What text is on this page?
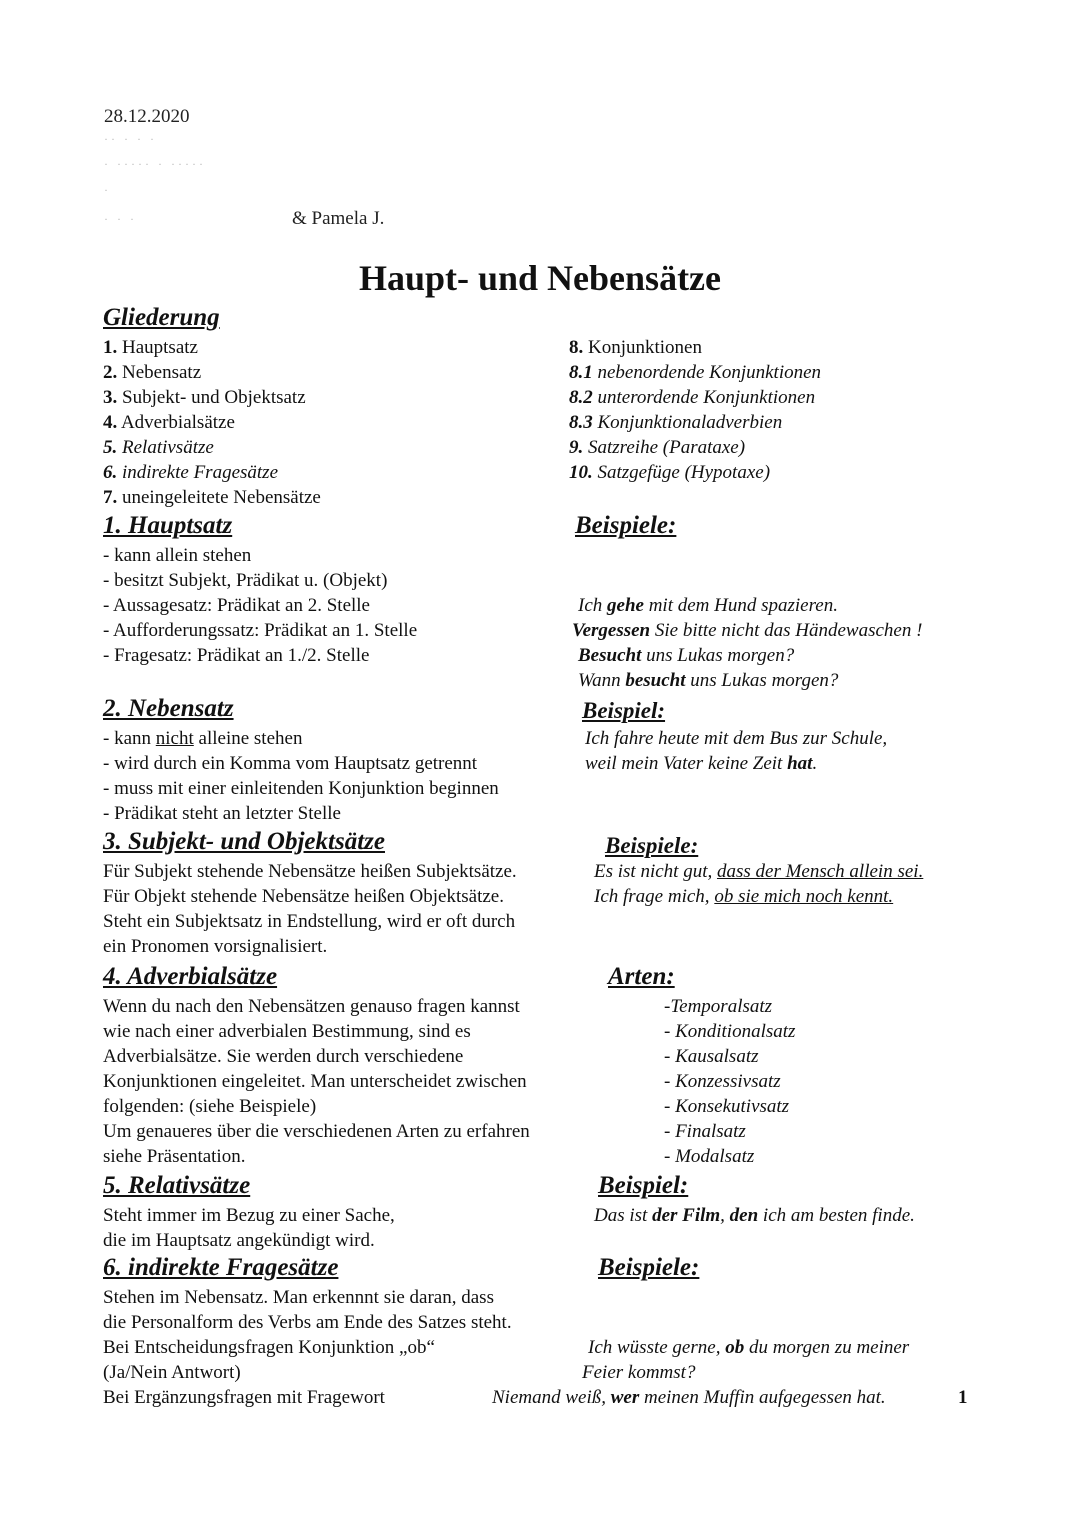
28.12.2020
·· · · ·
· ····· · ·····
·
· · ·	& Pamela J.
Haupt- und Nebensätze
Gliederung
1. Hauptsatz
2. Nebensatz
3. Subjekt- und Objektsatz
4. Adverbialsätze
5. Relativsätze
6. indirekte Fragesätze
7. uneingeleitete Nebensätze
8. Konjunktionen
8.1 nebenordende Konjunktionen
8.2 unterordende Konjunktionen
8.3 Konjunktionaladverbien
9. Satzreihe (Parataxe)
10. Satzgefüge (Hypotaxe)
1. Hauptsatz	Beispiele:
- kann allein stehen
- besitzt Subjekt, Prädikat u. (Objekt)
- Aussagesatz: Prädikat an 2. Stelle
- Aufforderungssatz: Prädikat an 1. Stelle
- Fragesatz: Prädikat an 1./2. Stelle
Ich gehe mit dem Hund spazieren.
Vergessen Sie bitte nicht das Händewaschen !
Besucht uns Lukas morgen?
Wann besucht uns Lukas morgen?
2. Nebensatz	Beispiel:
- kann nicht alleine stehen
- wird durch ein Komma vom Hauptsatz getrennt
- muss mit einer einleitenden Konjunktion beginnen
- Prädikat steht an letzter Stelle
Ich fahre heute mit dem Bus zur Schule,
weil mein Vater keine Zeit hat.
3. Subjekt- und Objektsätze	Beispiele:
Für Subjekt stehende Nebensätze heißen Subjektsätze.
Für Objekt stehende Nebensätze heißen Objektsätze.
Steht ein Subjektsatz in Endstellung, wird er oft durch
ein Pronomen vorsignalisiert.
Es ist nicht gut, dass der Mensch allein sei.
Ich frage mich, ob sie mich noch kennt.
4. Adverbialsätze	Arten:
Wenn du nach den Nebensätzen genauso fragen kannst
wie nach einer adverbialen Bestimmung, sind es
Adverbialsätze. Sie werden durch verschiedene
Konjunktionen eingeleitet. Man unterscheidet zwischen
folgenden: (siehe Beispiele)
Um genaueres über die verschiedenen Arten zu erfahren
siehe Präsentation.
-Temporalsatz
- Konditionalsatz
- Kausalsatz
- Konzessivsatz
- Konsekutivsatz
- Finalsatz
- Modalsatz
5. Relativsätze	Beispiel:
Steht immer im Bezug zu einer Sache,
die im Hauptsatz angekündigt wird.
Das ist der Film, den ich am besten finde.
6. indirekte Fragesätze	Beispiele:
Stehen im Nebensatz. Man erkennnt sie daran, dass
die Personalform des Verbs am Ende des Satzes steht.
Bei Entscheidungsfragen Konjunktion „ob“
(Ja/Nein Antwort)
Bei Ergänzungsfragen mit Fragewort
Ich wüsste gerne, ob du morgen zu meiner
Feier kommst?
Niemand weiß, wer meinen Muffin aufgegessen hat.	1
